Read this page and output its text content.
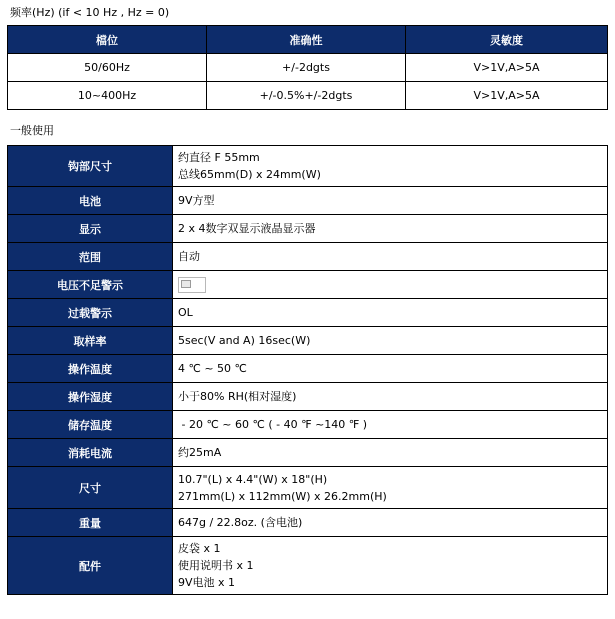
频率(Hz) (if < 10 Hz , Hz = 0)
檔位	准确性	灵敏度
50/60Hz	+/-2dgts	V>1V,A>5A
10~400Hz	+/-0.5%+/-2dgts	V>1V,A>5A
一般使用
钩部尺寸	约直径 F 55mm
总线65mm(D) x 24mm(W)

电池	9V方型

显示	2 x 4数字双显示液晶显示器

范围	自动

电压不足警示	
过载警示	OL

取样率	5sec(V and A) 16sec(W)

操作温度	4 ℃ ~ 50 ℃

操作湿度	小于80% RH(相对湿度)

储存温度	- 20 ℃ ~ 60 ℃ ( - 40 ℉ ~140 ℉ )

消耗电流	约25mA

尺寸	10.7"(L) x 4.4"(W) x 18"(H)
271mm(L) x 112mm(W) x 26.2mm(H)

重量	647g / 22.8oz. (含电池)

配件	皮袋 x 1
使用说明书 x 1
9V电池 x 1
